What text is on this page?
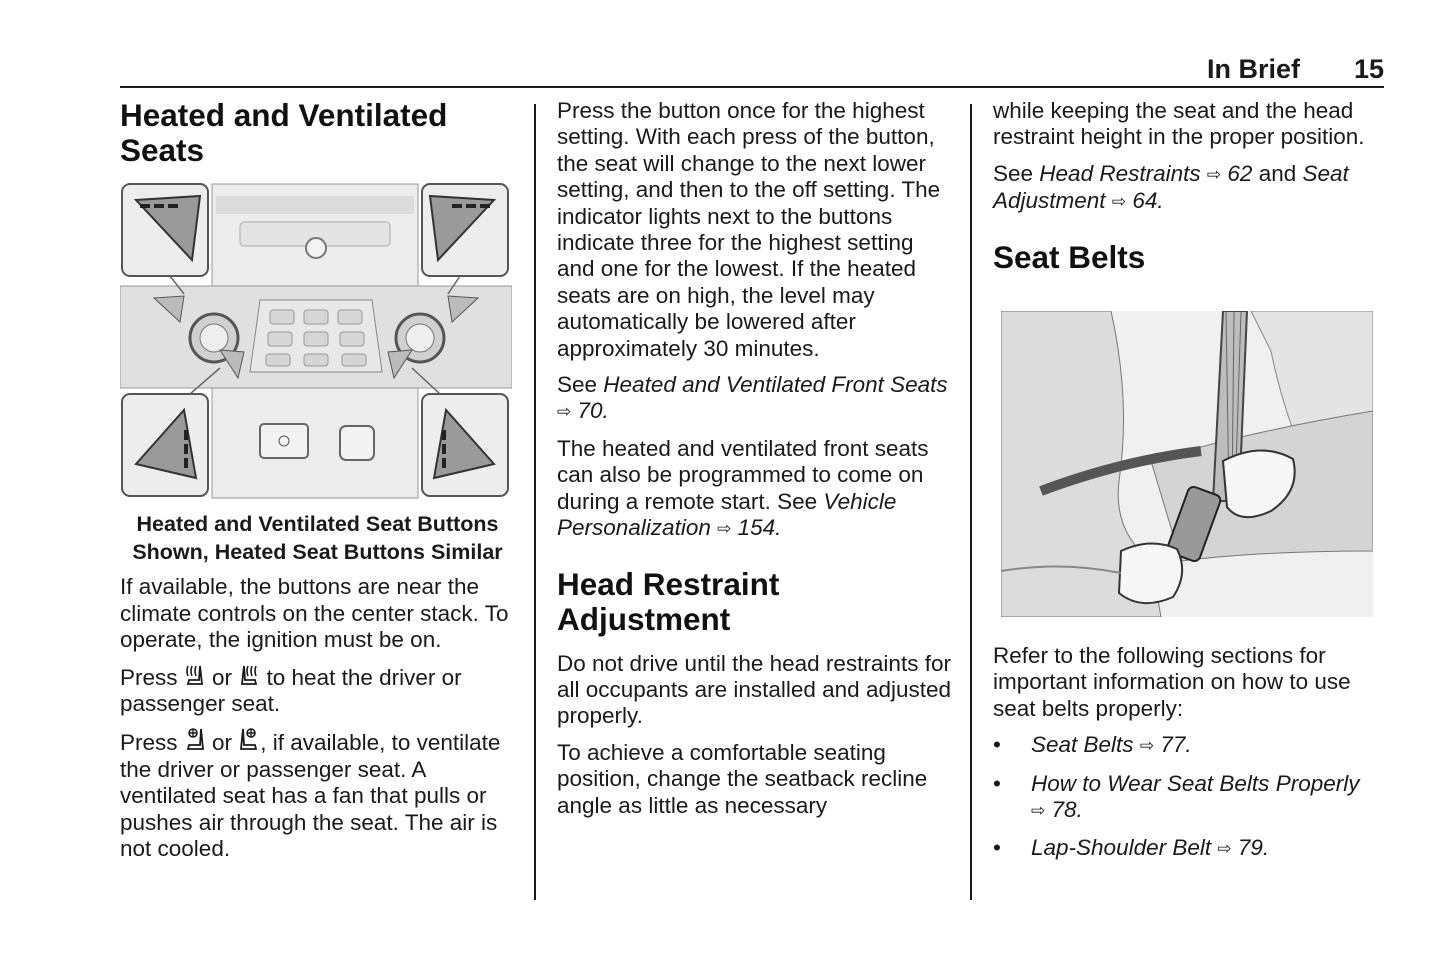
In Brief 15
Heated and Ventilated Seats

Heated and Ventilated Seat Buttons Shown, Heated Seat Buttons Similar

If available, the buttons are near the climate controls on the center stack. To operate, the ignition must be on.

Press  or  to heat the driver or passenger seat.

Press  or , if available, to ventilate the driver or passenger seat. A ventilated seat has a fan that pulls or pushes air through the seat. The air is not cooled.

Press the button once for the highest setting. With each press of the button, the seat will change to the next lower setting, and then to the off setting. The indicator lights next to the buttons indicate three for the highest setting and one for the lowest. If the heated seats are on high, the level may automatically be lowered after approximately 30 minutes.

See Heated and Ventilated Front Seats ⇨ 70.

The heated and ventilated front seats can also be programmed to come on during a remote start. See Vehicle Personalization ⇨ 154.

Head Restraint Adjustment

Do not drive until the head restraints for all occupants are installed and adjusted properly.

To achieve a comfortable seating position, change the seatback recline angle as little as necessary

while keeping the seat and the head restraint height in the proper position.

See Head Restraints ⇨ 62 and Seat Adjustment ⇨ 64.

Seat Belts

Refer to the following sections for important information on how to use seat belts properly:

• Seat Belts ⇨ 77.
• How to Wear Seat Belts Properly
⇨ 78.
• Lap-Shoulder Belt ⇨ 79.
